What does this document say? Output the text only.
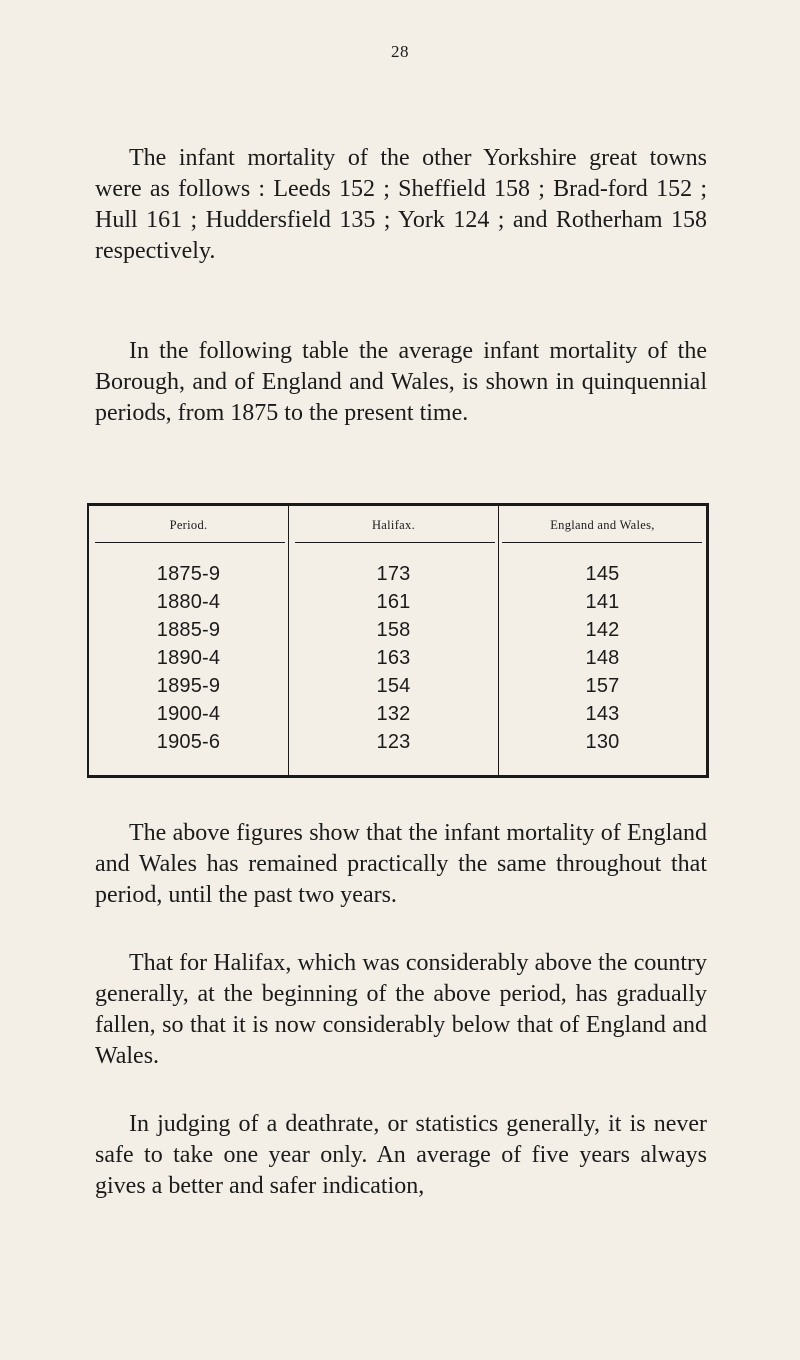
28

The infant mortality of the other Yorkshire great towns were as follows : Leeds 152 ; Sheffield 158 ; Brad-ford 152 ; Hull 161 ; Huddersfield 135 ; York 124 ; and Rotherham 158 respectively.

In the following table the average infant mortality of the Borough, and of England and Wales, is shown in quinquennial periods, from 1875 to the present time.

Period.	Halifax.	England and Wales,
1875-9	173	145
1880-4	161	141
1885-9	158	142
1890-4	163	148
1895-9	154	157
1900-4	132	143
1905-6	123	130

The above figures show that the infant mortality of England and Wales has remained practically the same throughout that period, until the past two years.

That for Halifax, which was considerably above the country generally, at the beginning of the above period, has gradually fallen, so that it is now considerably below that of England and Wales.

In judging of a deathrate, or statistics generally, it is never safe to take one year only. An average of five years always gives a better and safer indication,
